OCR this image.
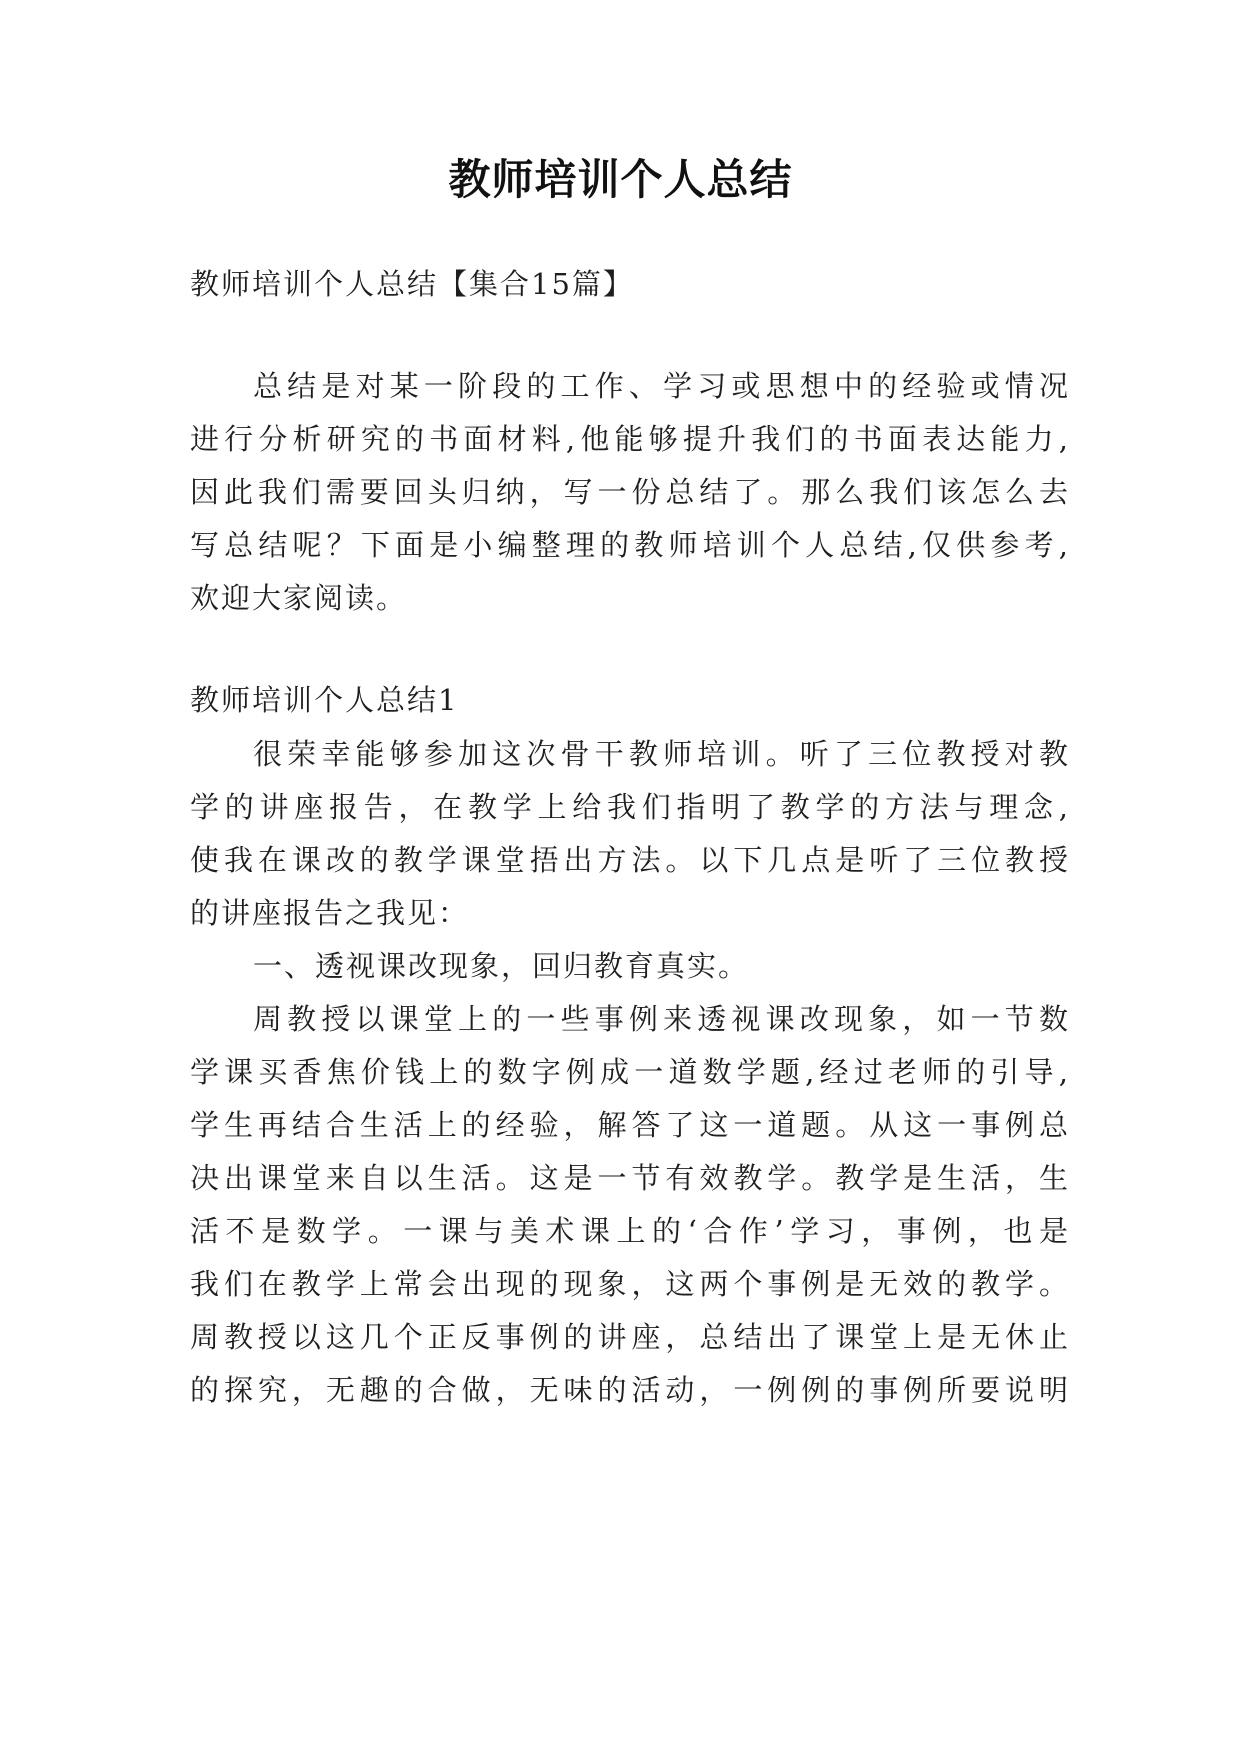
教师培训个人总结
教师培训个人总结【集合15篇】
总结是对某一阶段的工作、学习或思想中的经验或情况
进行分析研究的书面材料,他能够提升我们的书面表达能力,
因此我们需要回头归纳，写一份总结了。那么我们该怎么去
写总结呢？下面是小编整理的教师培训个人总结,仅供参考,
欢迎大家阅读。
教师培训个人总结1
很荣幸能够参加这次骨干教师培训。听了三位教授对教
学的讲座报告，在教学上给我们指明了教学的方法与理念,
使我在课改的教学课堂捂出方法。以下几点是听了三位教授
的讲座报告之我见：
一、透视课改现象，回归教育真实。
周教授以课堂上的一些事例来透视课改现象，如一节数
学课买香焦价钱上的数字例成一道数学题,经过老师的引导,
学生再结合生活上的经验，解答了这一道题。从这一事例总
决出课堂来自以生活。这是一节有效教学。教学是生活，生
活不是数学。一课与美术课上的‘合作’学习，事例，也是
我们在教学上常会出现的现象，这两个事例是无效的教学。
周教授以这几个正反事例的讲座，总结出了课堂上是无休止
的探究，无趣的合做，无味的活动，一例例的事例所要说明
